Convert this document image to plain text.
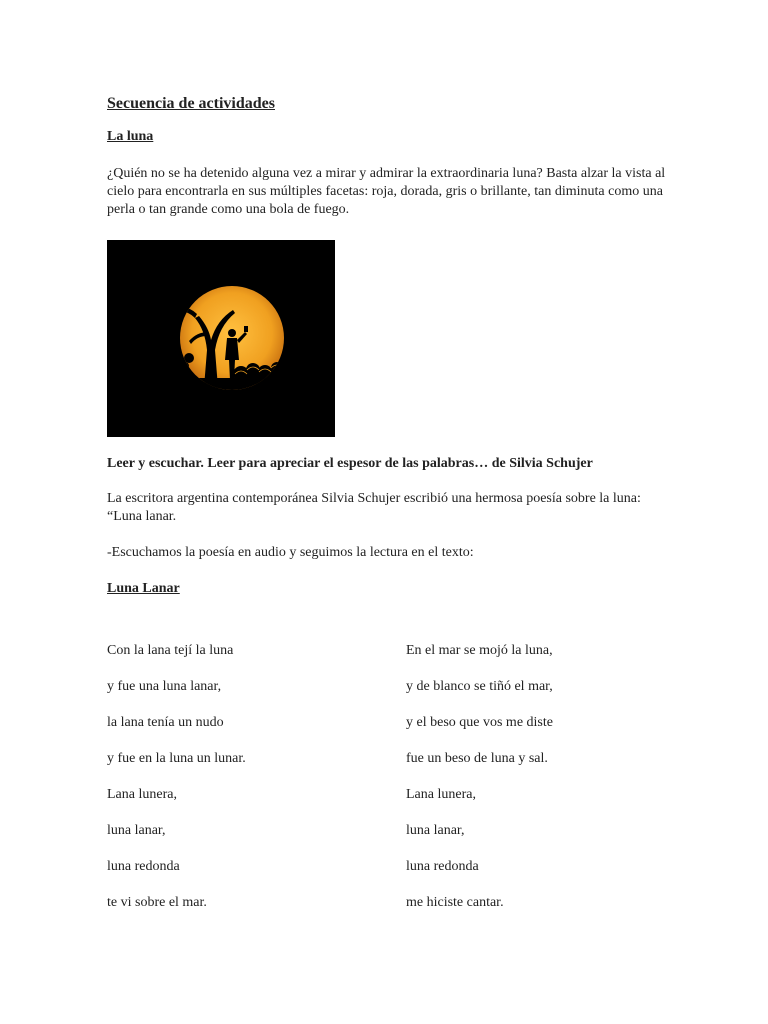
Secuencia de actividades
La luna

¿Quién no se ha detenido alguna vez a mirar y admirar la extraordinaria luna? Basta alzar la vista al cielo para encontrarla en sus múltiples facetas: roja, dorada, gris o brillante, tan diminuta como una perla o tan grande como una bola de fuego.

Leer y escuchar. Leer para apreciar el espesor de las palabras… de Silvia Schujer

La escritora argentina contemporánea Silvia Schujer escribió una hermosa poesía sobre la luna: “Luna lanar.

-Escuchamos la poesía en audio y seguimos la lectura en el texto:

Luna Lanar

Con la lana tejí la luna

y fue una luna lanar,

la lana tenía un nudo

y fue en la luna un lunar.

Lana lunera,

luna lanar,

luna redonda

te vi sobre el mar.

En el mar se mojó la luna,

y de blanco se tiñó el mar,

y el beso que vos me diste

fue un beso de luna y sal.

Lana lunera,

luna lanar,

luna redonda

me hiciste cantar.
